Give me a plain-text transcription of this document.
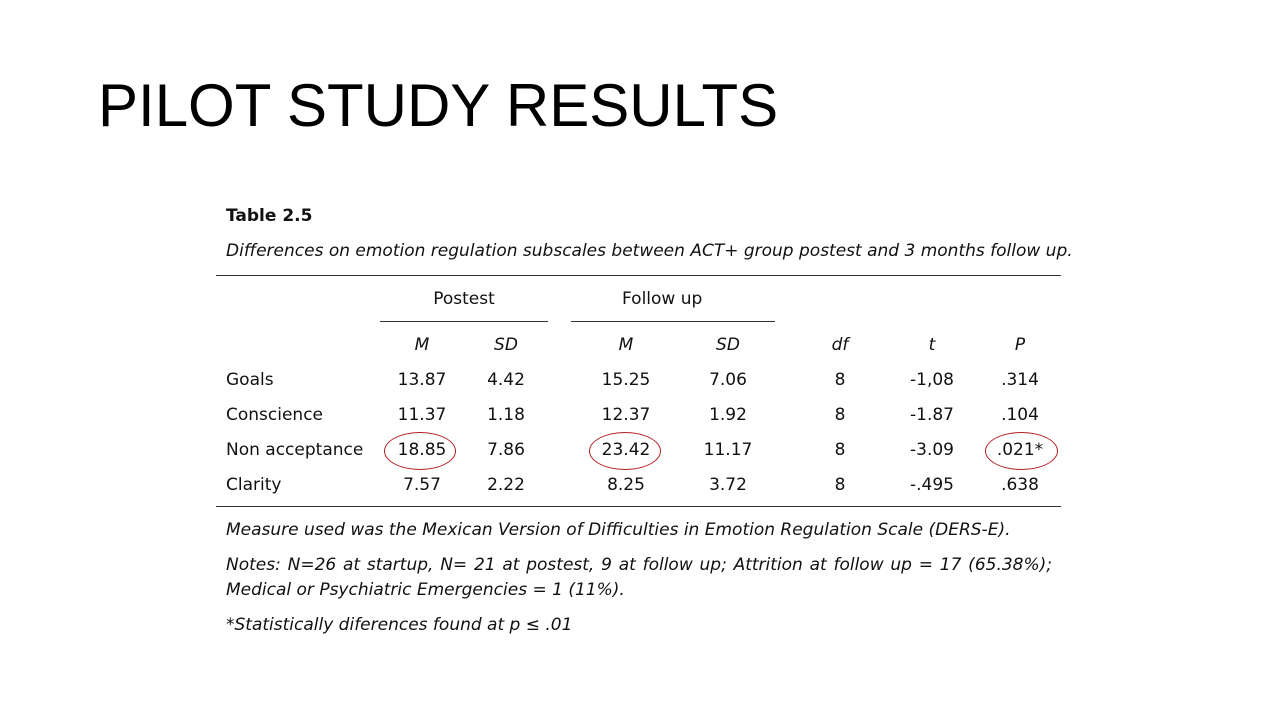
PILOT STUDY RESULTS
Table 2.5
Differences on emotion regulation subscales between ACT+ group postest and 3 months follow up.
Postest	Follow up
M	SD	M	SD	df	t	P
Goals	13.87	4.42	15.25	7.06	8	-1,08	.314
Conscience	11.37	1.18	12.37	1.92	8	-1.87	.104
Non acceptance	18.85	7.86	23.42	11.17	8	-3.09	.021*
Clarity	7.57	2.22	8.25	3.72	8	-.495	.638
Measure used was the Mexican Version of Difficulties in Emotion Regulation Scale (DERS-E).
Notes: N=26 at startup, N= 21 at postest, 9 at follow up; Attrition at follow up = 17 (65.38%); Medical or Psychiatric Emergencies = 1 (11%).
*Statistically diferences found at p ≤ .01
